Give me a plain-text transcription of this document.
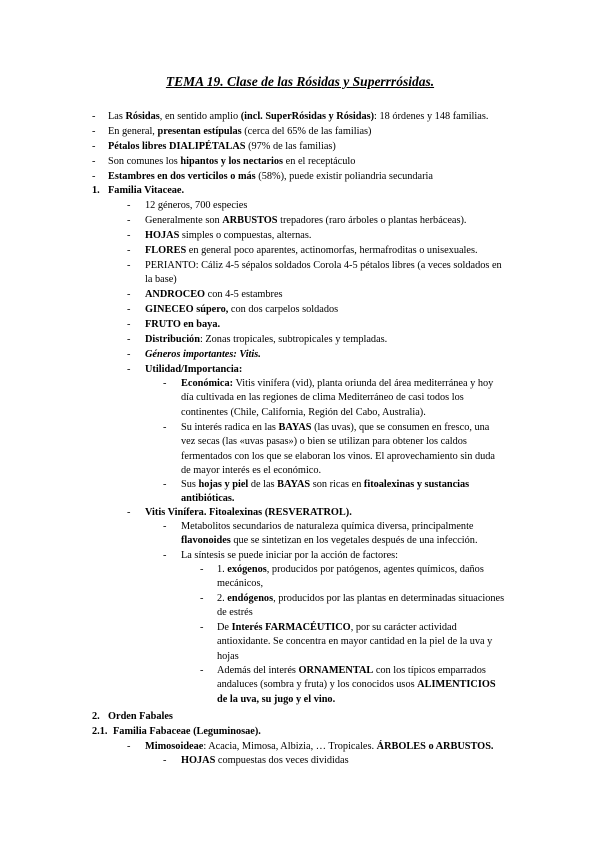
TEMA 19. Clase de las Rósidas y Superrrósidas.
- Las Rósidas, en sentido amplio (incl. SuperRósidas y Rósidas): 18 órdenes y 148 familias.
- En general, presentan estípulas (cerca del 65% de las familias)
- Pétalos libres DIALIPÉTALAS (97% de las familias)
- Son comunes los hipantos y los nectarios en el receptáculo
- Estambres en dos verticilos o más (58%), puede existir poliandria secundaria
1. Familia Vitaceae.
- 12 géneros, 700 especies
- Generalmente son ARBUSTOS trepadores (raro árboles o plantas herbáceas).
- HOJAS simples o compuestas, alternas.
- FLORES en general poco aparentes, actinomorfas, hermafroditas o unisexuales.
- PERIANTO: Cáliz 4-5 sépalos soldados Corola 4-5 pétalos libres (a veces soldados en
la base)
- ANDROCEO con 4-5 estambres
- GINECEO súpero, con dos carpelos soldados
- FRUTO en baya.
- Distribución: Zonas tropicales, subtropicales y templadas.
- Géneros importantes: Vitis.
- Utilidad/Importancia:
- Económica: Vitis vinífera (vid), planta oriunda del área mediterránea y hoy
día cultivada en las regiones de clima Mediterráneo de casi todos los
continentes (Chile, California, Región del Cabo, Australia).
- Su interés radica en las BAYAS (las uvas), que se consumen en fresco, una
vez secas (las «uvas pasas») o bien se utilizan para obtener los caldos
fermentados con los que se elaboran los vinos. El aprovechamiento sin duda
de mayor interés es el económico.
- Sus hojas y piel de las BAYAS son ricas en fitoalexinas y sustancias
antibióticas.
- Vitis Vinífera. Fitoalexinas (RESVERATROL).
- Metabolitos secundarios de naturaleza química diversa, principalmente
flavonoides que se sintetizan en los vegetales después de una infección.
- La síntesis se puede iniciar por la acción de factores:
- 1. exógenos, producidos por patógenos, agentes químicos, daños
mecánicos,
- 2. endógenos, producidos por las plantas en determinadas situaciones
de estrés
- De Interés FARMACÉUTICO, por su carácter actividad
antioxidante. Se concentra en mayor cantidad en la piel de la uva y
hojas
- Además del interés ORNAMENTAL con los típicos emparrados
andaluces (sombra y fruta) y los conocidos usos ALIMENTICIOS
de la uva, su jugo y el vino.
2. Orden Fabales
2.1. Familia Fabaceae (Leguminosae).
- Mimosoideae: Acacia, Mimosa, Albizia, … Tropicales. ÁRBOLES o ARBUSTOS.
- HOJAS compuestas dos veces divididas
